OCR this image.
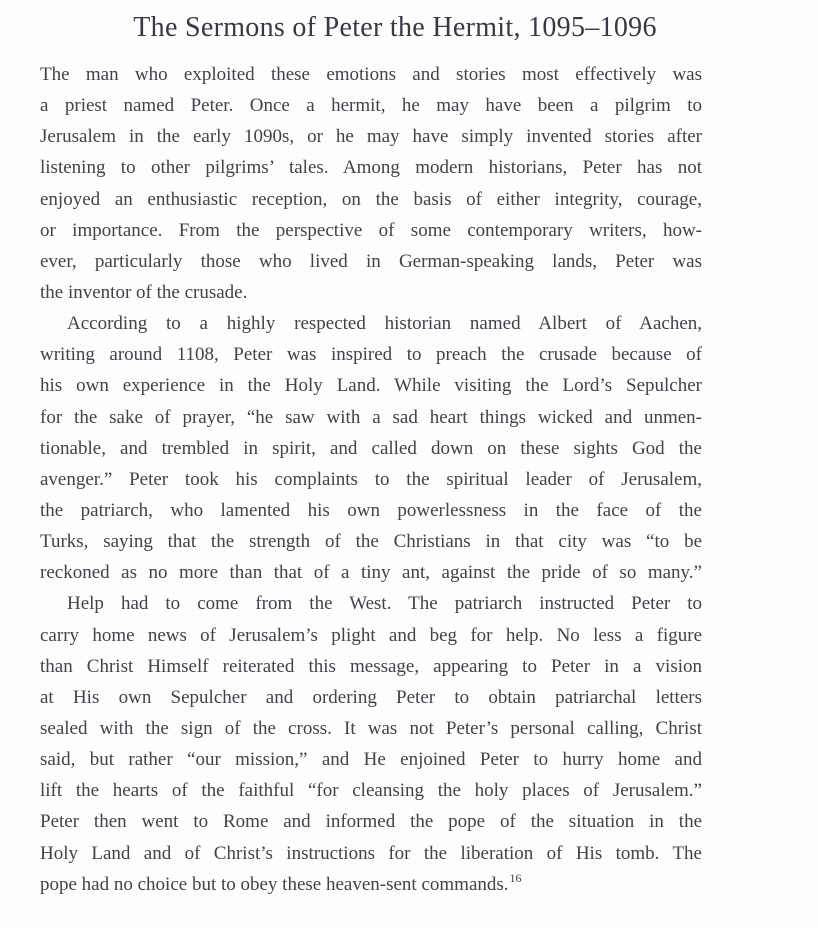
The Sermons of Peter the Hermit, 1095–1096
The man who exploited these emotions and stories most effectively was
a priest named Peter. Once a hermit, he may have been a pilgrim to
Jerusalem in the early 1090s, or he may have simply invented stories after
listening to other pilgrims’ tales. Among modern historians, Peter has not
enjoyed an enthusiastic reception, on the basis of either integrity, courage,
or importance. From the perspective of some contemporary writers, how-
ever, particularly those who lived in German-speaking lands, Peter was
the inventor of the crusade.
According to a highly respected historian named Albert of Aachen,
writing around 1108, Peter was inspired to preach the crusade because of
his own experience in the Holy Land. While visiting the Lord’s Sepulcher
for the sake of prayer, “he saw with a sad heart things wicked and unmen-
tionable, and trembled in spirit, and called down on these sights God the
avenger.” Peter took his complaints to the spiritual leader of Jerusalem,
the patriarch, who lamented his own powerlessness in the face of the
Turks, saying that the strength of the Christians in that city was “to be
reckoned as no more than that of a tiny ant, against the pride of so many.”
Help had to come from the West. The patriarch instructed Peter to
carry home news of Jerusalem’s plight and beg for help. No less a figure
than Christ Himself reiterated this message, appearing to Peter in a vision
at His own Sepulcher and ordering Peter to obtain patriarchal letters
sealed with the sign of the cross. It was not Peter’s personal calling, Christ
said, but rather “our mission,” and He enjoined Peter to hurry home and
lift the hearts of the faithful “for cleansing the holy places of Jerusalem.”
Peter then went to Rome and informed the pope of the situation in the
Holy Land and of Christ’s instructions for the liberation of His tomb. The
pope had no choice but to obey these heaven-sent commands.$^{16}$
